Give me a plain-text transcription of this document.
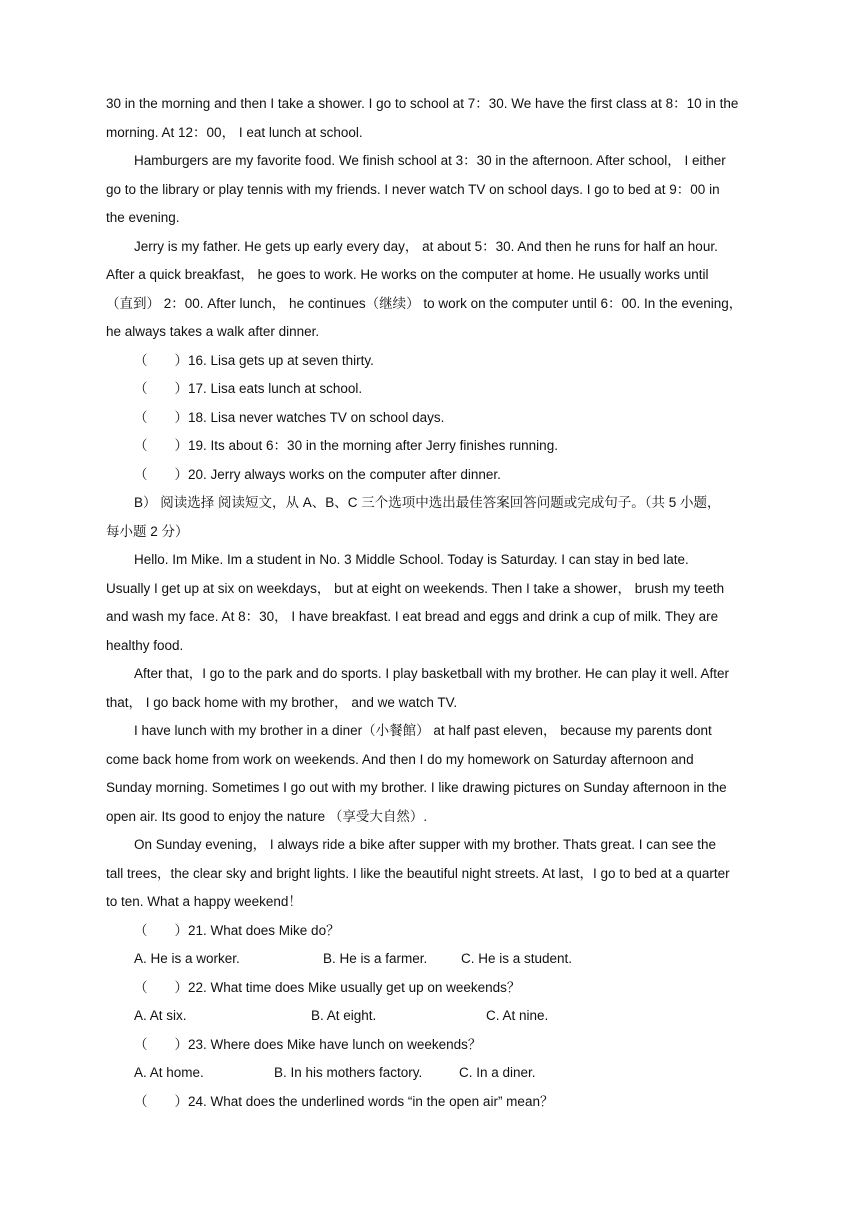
30 in the morning and then I take a shower. I go to school at 7：30. We have the first class at 8：10 in the
morning. At 12：00， I eat lunch at school.
Hamburgers are my favorite food. We finish school at 3：30 in the afternoon. After school， I either
go to the library or play tennis with my friends. I never watch TV on school days. I go to bed at 9：00 in
the evening.
Jerry is my father. He gets up early every day， at about 5：30. And then he runs for half an hour.
After a quick breakfast， he goes to work. He works on the computer at home. He usually works until
（直到） 2：00. After lunch， he continues（继续） to work on the computer until 6：00. In the evening，
he always takes a walk after dinner.
（　　）16. Lisa gets up at seven thirty.
（　　）17. Lisa eats lunch at school.
（　　）18. Lisa never watches TV on school days.
（　　）19. Its about 6：30 in the morning after Jerry finishes running.
（　　）20. Jerry always works on the computer after dinner.
B） 阅读选择 阅读短文，从 A、B、C 三个选项中选出最佳答案回答问题或完成句子。（共 5 小题，
每小题 2 分）
Hello. Im Mike. Im a student in No. 3 Middle School. Today is Saturday. I can stay in bed late.
Usually I get up at six on weekdays， but at eight on weekends. Then I take a shower， brush my teeth
and wash my face. At 8：30， I have breakfast. I eat bread and eggs and drink a cup of milk. They are
healthy food.
After that，I go to the park and do sports. I play basketball with my brother. He can play it well. After
that， I go back home with my brother， and we watch TV.
I have lunch with my brother in a diner（小餐館） at half past eleven， because my parents dont
come back home from work on weekends. And then I do my homework on Saturday afternoon and
Sunday morning. Sometimes I go out with my brother. I like drawing pictures on Sunday afternoon in the
open air. Its good to enjoy the nature （享受大自然）.
On Sunday evening， I always ride a bike after supper with my brother. Thats great. I can see the
tall trees，the clear sky and bright lights. I like the beautiful night streets. At last，I go to bed at a quarter
to ten. What a happy weekend！
（　　）21. What does Mike do？
A. He is a worker.	B. He is a farmer. C. He is a student.
（　　）22. What time does Mike usually get up on weekends？
A. At six.	B. At eight.	C. At nine.
（　　）23. Where does Mike have lunch on weekends？
A. At home.	B. In his mothers factory.	C. In a diner.
（　　）24. What does the underlined words “in the open air” mean？
